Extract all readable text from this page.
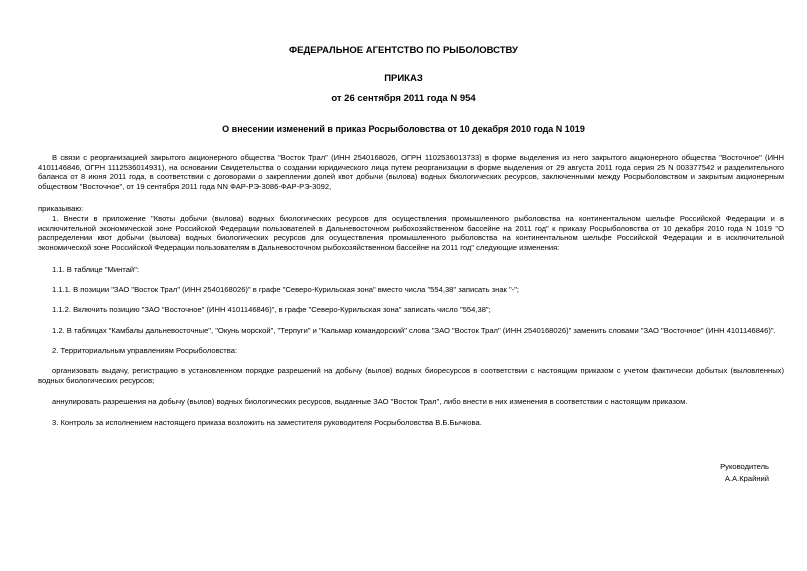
ФЕДЕРАЛЬНОЕ АГЕНТСТВО ПО РЫБОЛОВСТВУ
ПРИКАЗ
от 26 сентября 2011 года N 954
О внесении изменений в приказ Росрыболовства от 10 декабря 2010 года N 1019

В связи с реорганизацией закрытого акционерного общества "Восток Трал" (ИНН 2540168026, ОГРН 1102536013733) в форме выделения из него закрытого акционерного общества "Восточное" (ИНН 4101146846, ОГРН 1112536014931), на основании Свидетельства о создании юридического лица путем реорганизации в форме выделения от 29 августа 2011 года серия 25 N 003377542 и разделительного баланса от 8 июня 2011 года, в соответствии с договорами о закреплении долей квот добычи (вылова) водных биологических ресурсов, заключенными между Росрыболовством и закрытым акционерным обществом "Восточное", от 19 сентября 2011 года NN ФАР-РЭ-3086-ФАР-РЭ-3092,

приказываю:

1. Внести в приложение "Квоты добычи (вылова) водных биологических ресурсов для осуществления промышленного рыболовства на континентальном шельфе Российской Федерации и в исключительной экономической зоне Российской Федерации пользователей в Дальневосточном рыбохозяйственном бассейне на 2011 год" к приказу Росрыболовства от 10 декабря 2010 года N 1019 "О распределении квот добычи (вылова) водных биологических ресурсов для осуществления промышленного рыболовства на континентальном шельфе Российской Федерации и в исключительной экономической зоне Российской Федерации пользователям в Дальневосточном рыбохозяйственном бассейне на 2011 год" следующие изменения:

1.1. В таблице "Минтай":
1.1.1. В позиции "ЗАО "Восток Трал" (ИНН 2540168026)" в графе "Северо-Курильская зона" вместо числа "554,38" записать знак "-";
1.1.2. Включить позицию "ЗАО "Восточное" (ИНН 4101146846)", в графе "Северо-Курильская зона" записать число "554,38";
1.2. В таблицах "Камбалы дальневосточные", "Окунь морской", "Терпуги" и "Кальмар командорский" слова "ЗАО "Восток Трал" (ИНН 2540168026)" заменить словами "ЗАО "Восточное" (ИНН 4101146846)".
2. Территориальным управлениям Росрыболовства:

организовать выдачу, регистрацию в установленном порядке разрешений на добычу (вылов) водных биоресурсов в соответствии с настоящим приказом с учетом фактически добытых (выловленных) водных биологических ресурсов;

аннулировать разрешения на добычу (вылов) водных биологических ресурсов, выданные ЗАО "Восток Трал", либо внести в них изменения в соответствии с настоящим приказом.
3. Контроль за исполнением настоящего приказа возложить на заместителя руководителя Росрыболовства В.Б.Бычкова.
Руководитель
А.А.Крайний
